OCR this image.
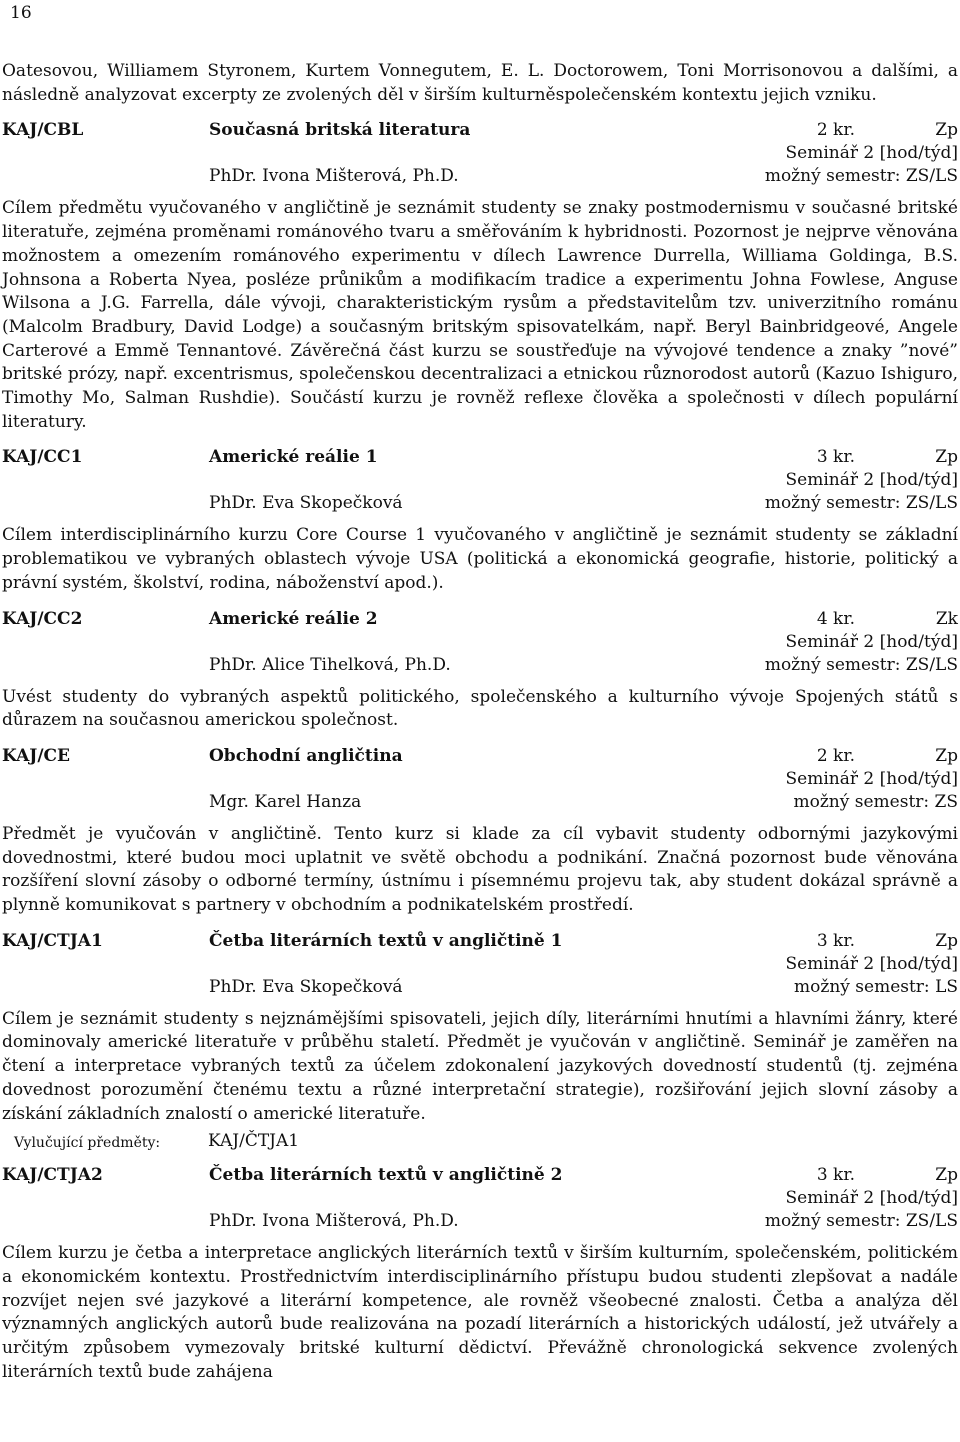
16

Oatesovou, Williamem Styronem, Kurtem Vonnegutem, E. L. Doctorowem, Toni Morrisonovou a dalšími, a následně analyzovat excerpty ze zvolených děl v širším kulturněspolečenském kontextu jejich vzniku.

KAJ/CBL	Současná britská literatura	2 kr.	Zp
Seminář 2 [hod/týd]
PhDr. Ivona Mišterová, Ph.D.	možný semestr: ZS/LS

Cílem předmětu vyučovaného v angličtině je seznámit studenty se znaky postmodernismu v současné britské literatuře, zejména proměnami románového tvaru a směřováním k hybridnosti. Pozornost je nejprve věnována možnostem a omezením románového experimentu v dílech Lawrence Durrella, Williama Goldinga, B.S. Johnsona a Roberta Nyea, posléze průnikům a modifikacím tradice a experimentu Johna Fowlese, Anguse Wilsona a J.G. Farrella, dále vývoji, charakteristickým rysům a představitelům tzv. univerzitního románu (Malcolm Bradbury, David Lodge) a současným britským spisovatelkám, např. Beryl Bainbridgeové, Angele Carterové a Emmě Tennantové. Závěrečná část kurzu se soustřeďuje na vývojové tendence a znaky ”nové” britské prózy, např. excentrismus, společenskou decentralizaci a etnickou různorodost autorů (Kazuo Ishiguro, Timothy Mo, Salman Rushdie). Součástí kurzu je rovněž reflexe člověka a společnosti v dílech populární literatury.

KAJ/CC1	Americké reálie 1	3 kr.	Zp
Seminář 2 [hod/týd]
PhDr. Eva Skopečková	možný semestr: ZS/LS

Cílem interdisciplinárního kurzu Core Course 1 vyučovaného v angličtině je seznámit studenty se základní problematikou ve vybraných oblastech vývoje USA (politická a ekonomická geografie, historie, politický a právní systém, školství, rodina, náboženství apod.).

KAJ/CC2	Americké reálie 2	4 kr.	Zk
Seminář 2 [hod/týd]
PhDr. Alice Tihelková, Ph.D.	možný semestr: ZS/LS

Uvést studenty do vybraných aspektů politického, společenského a kulturního vývoje Spojených států s důrazem na současnou americkou společnost.

KAJ/CE	Obchodní angličtina	2 kr.	Zp
Seminář 2 [hod/týd]
Mgr. Karel Hanza	možný semestr: ZS

Předmět je vyučován v angličtině. Tento kurz si klade za cíl vybavit studenty odbornými jazykovými dovednostmi, které budou moci uplatnit ve světě obchodu a podnikání. Značná pozornost bude věnována rozšíření slovní zásoby o odborné termíny, ústnímu i písemnému projevu tak, aby student dokázal správně a plynně komunikovat s partnery v obchodním a podnikatelském prostředí.

KAJ/CTJA1	Četba literárních textů v angličtině 1	3 kr.	Zp
Seminář 2 [hod/týd]
PhDr. Eva Skopečková	možný semestr: LS

Cílem je seznámit studenty s nejznámějšími spisovateli, jejich díly, literárními hnutími a hlavními žánry, které dominovaly americké literatuře v průběhu staletí. Předmět je vyučován v angličtině. Seminář je zaměřen na čtení a interpretace vybraných textů za účelem zdokonalení jazykových dovedností studentů (tj. zejména dovednost porozumění čtenému textu a různé interpretační strategie), rozšiřování jejich slovní zásoby a získání základních znalostí o americké literatuře.

Vylučující předměty:	KAJ/ČTJA1
KAJ/CTJA2	Četba literárních textů v angličtině 2	3 kr.	Zp
Seminář 2 [hod/týd]
PhDr. Ivona Mišterová, Ph.D.	možný semestr: ZS/LS

Cílem kurzu je četba a interpretace anglických literárních textů v širším kulturním, společenském, politickém a ekonomickém kontextu. Prostřednictvím interdisciplinárního přístupu budou studenti zlepšovat a nadále rozvíjet nejen své jazykové a literární kompetence, ale rovněž všeobecné znalosti. Četba a analýza děl významných anglických autorů bude realizována na pozadí literárních a historických událostí, jež utvářely a určitým způsobem vymezovaly britské kulturní dědictví. Převážně chronologická sekvence zvolených literárních textů bude zahájena
